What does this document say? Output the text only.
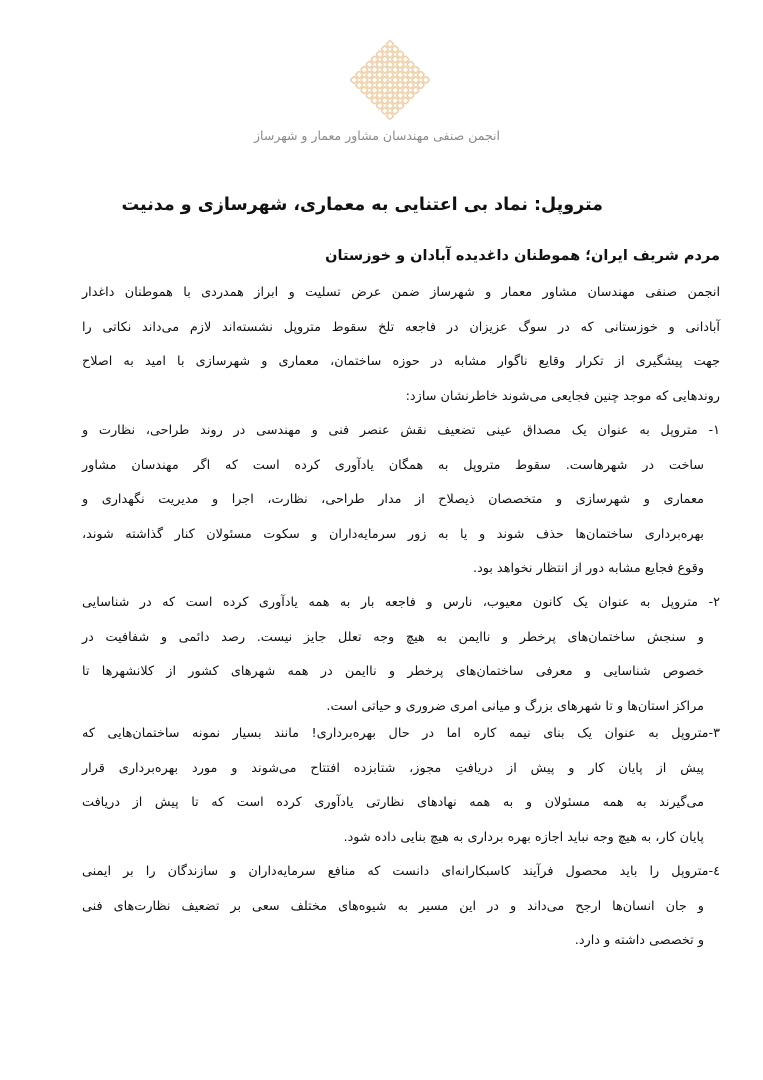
انجمن صنفی مهندسان مشاور معمار و شهرساز
متروپل: نماد بی اعتنایی به معماری، شهرسازی و مدنیت
مردم شریف ایران؛ هموطنان داغدیده آبادان و خوزستان
انجمن صنفی مهندسان مشاور معمار و شهرساز ضمن عرض تسلیت و ابراز همدردی با هموطنان داغدار
آبادانی و خوزستانی که در سوگ عزیزان در فاجعه تلخ سقوط متروپل نشسته‌اند لازم می‌داند نکاتی را
جهت پیشگیری از تکرار وقایع ناگوار مشابه در حوزه ساختمان، معماری و شهرسازی با امید به اصلاح
روندهایی که موجد چنین فجایعی می‌شوند خاطرنشان سازد:
۱- متروپل به عنوان یک مصداق عینی تضعیف نقش عنصر فنی و مهندسی در روند طراحی، نظارت و
ساخت در شهرهاست. سقوط متروپل به همگان یادآوری کرده است که اگر مهندسان مشاور
معماری و شهرسازی و متخصصان ذیصلاح از مدار طراحی، نظارت، اجرا و مدیریت نگهداری و
بهره‌برداری ساختمان‌ها حذف شوند و یا به زور سرمایه‌داران و سکوت مسئولان کنار گذاشته شوند،
وقوع فجایع مشابه دور از انتظار نخواهد بود.
۲- متروپل به عنوان یک کانون معیوب، نارس و فاجعه بار به همه یادآوری کرده است که در شناسایی
و سنجش ساختمان‌های پرخطر و ناایمن به هیچ وجه تعلل جایز نیست. رصد دائمی و شفافیت در
خصوص شناسایی و معرفی ساختمان‌های پرخطر و ناایمن در همه شهرهای کشور از کلانشهرها تا
مراکز استان‌ها و تا شهرهای بزرگ و میانی امری ضروری و حیاتی است.
۳-متروپل به عنوان یک بنای نیمه کاره اما در حال بهره‌برداری! مانند بسیار نمونه ساختمان‌هایی که
پیش از پایان کار و پیش از دریافتِ مجوز، شتابزده افتتاح می‌شوند و مورد بهره‌برداری قرار
می‌گیرند به همه مسئولان و به همه نهادهای نظارتی یادآوری کرده است که تا پیش از دریافت
پایان کار، به هیچ وجه نباید اجازه بهره برداری به هیچ بنایی داده شود.
٤-متروپل را باید محصول فرآیند کاسبکارانه‌ای دانست که منافع سرمایه‌داران و سازندگان را بر ایمنی
و جان انسان‌ها ارجح می‌داند و در این مسیر به شیوه‌های مختلف سعی بر تضعیف نظارت‌های فنی
و تخصصی داشته و دارد.
